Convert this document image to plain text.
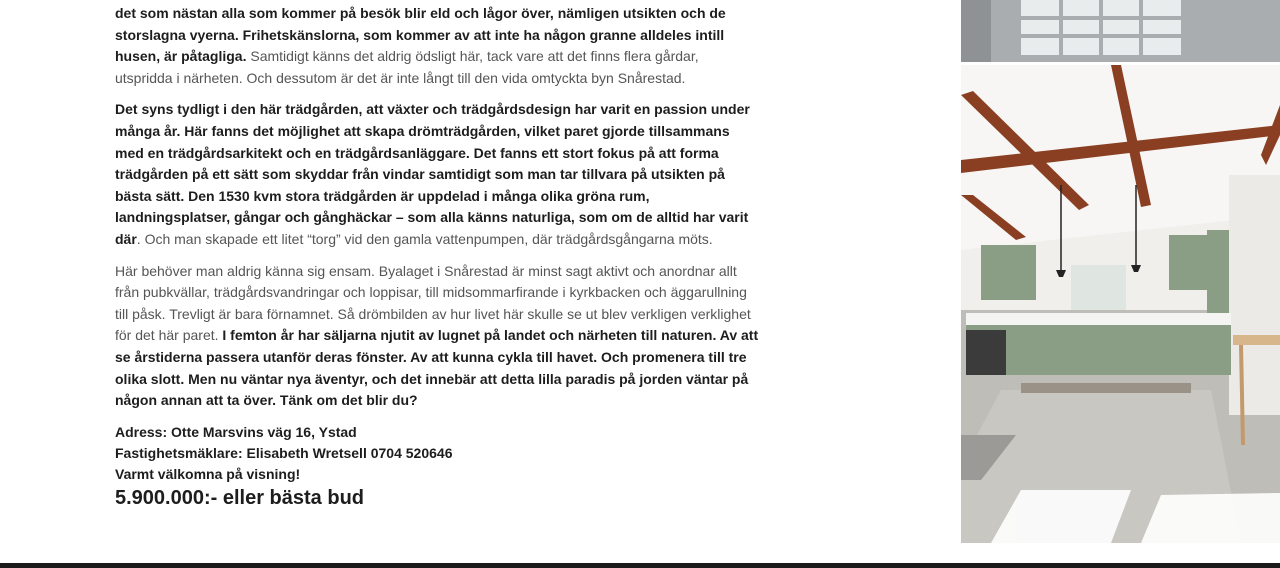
det som nästan alla som kommer på besök blir eld och lågor över, nämligen utsikten och de storslagna vyerna. Frihetskänslorna, som kommer av att inte ha någon granne alldeles intill husen, är påtagliga. Samtidigt känns det aldrig ödsligt här, tack vare att det finns flera gårdar, utspridda i närheten. Och dessutom är det är inte långt till den vida omtyckta byn Snårestad.

Det syns tydligt i den här trädgården, att växter och trädgårdsdesign har varit en passion under många år. Här fanns det möjlighet att skapa drömträdgården, vilket paret gjorde tillsammans med en trädgårdsarkitekt och en trädgårdsanläggare. Det fanns ett stort fokus på att forma trädgården på ett sätt som skyddar från vindar samtidigt som man tar tillvara på utsikten på bästa sätt. Den 1530 kvm stora trädgården är uppdelad i många olika gröna rum, landningsplatser, gångar och gånghäckar – som alla känns naturliga, som om de alltid har varit där. Och man skapade ett litet “torg” vid den gamla vattenpumpen, där trädgårdsgångarna möts.

Här behöver man aldrig känna sig ensam. Byalaget i Snårestad är minst sagt aktivt och anordnar allt från pubkvällar, trädgårdsvandringar och loppisar, till midsommarfirande i kyrkbacken och äggarullning till påsk. Trevligt är bara förnamnet. Så drömbilden av hur livet här skulle se ut blev verkligen verklighet för det här paret. I femton år har säljarna njutit av lugnet på landet och närheten till naturen. Av att se årstiderna passera utanför deras fönster. Av att kunna cykla till havet. Och promenera till tre olika slott. Men nu väntar nya äventyr, och det innebär att detta lilla paradis på jorden väntar på någon annan att ta över. Tänk om det blir du?

Adress: Otte Marsvins väg 16, Ystad

Fastighetsmäklare: Elisabeth Wretsell 0704 520646

Varmt välkomna på visning!

5.900.000:- eller bästa bud
